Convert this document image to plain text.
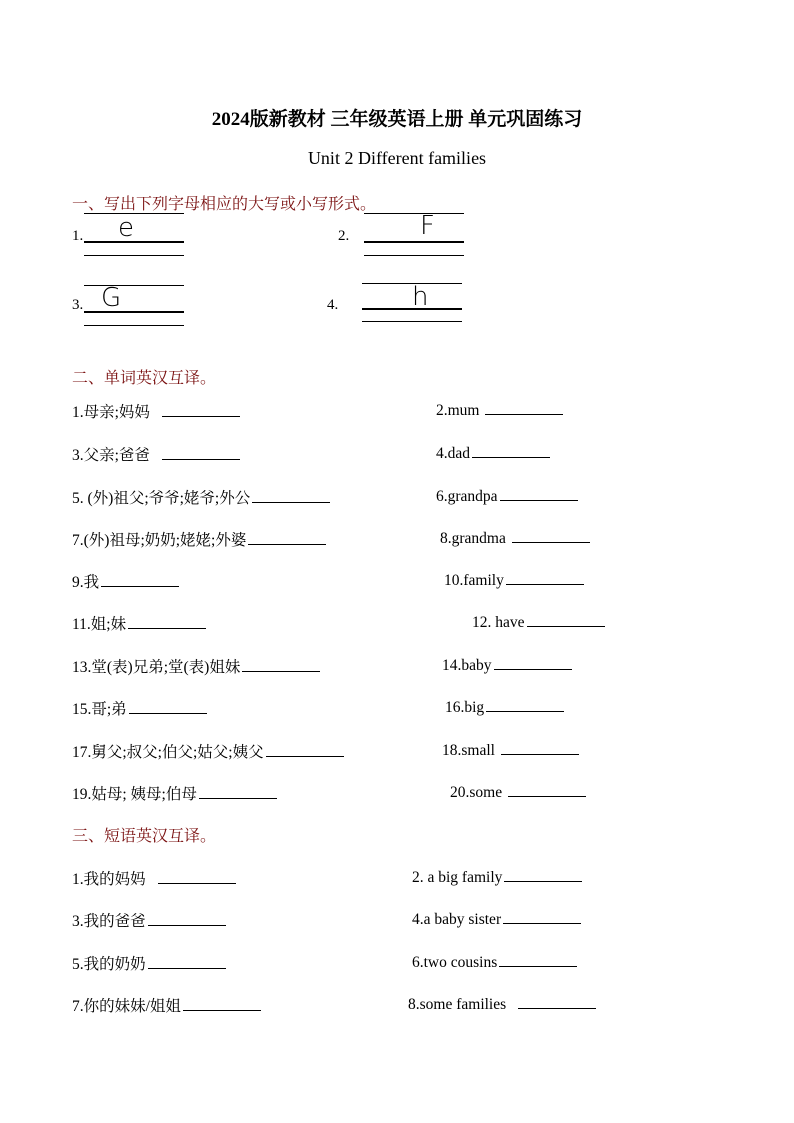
2024版新教材 三年级英语上册 单元巩固练习
Unit 2 Different families
一、写出下列字母相应的大写或小写形式。
1. e	2.	F
3. G	4.	h
二、单词英汉互译。
1.母亲;妈妈	2.mum
3.父亲;爸爸	4.dad
5. (外)祖父;爷爷;姥爷;外公	6.grandpa
7.(外)祖母;奶奶;姥姥;外婆	8.grandma
9.我	10.family
11.姐;妹	12. have
13.堂(表)兄弟;堂(表)姐妹	14.baby
15.哥;弟	16.big
17.舅父;叔父;伯父;姑父;姨父	18.small
19.姑母; 姨母;伯母	20.some
三、短语英汉互译。
1.我的妈妈	2. a big family
3.我的爸爸	4.a baby sister
5.我的奶奶	6.two cousins
7.你的妹妹/姐姐	8.some families
